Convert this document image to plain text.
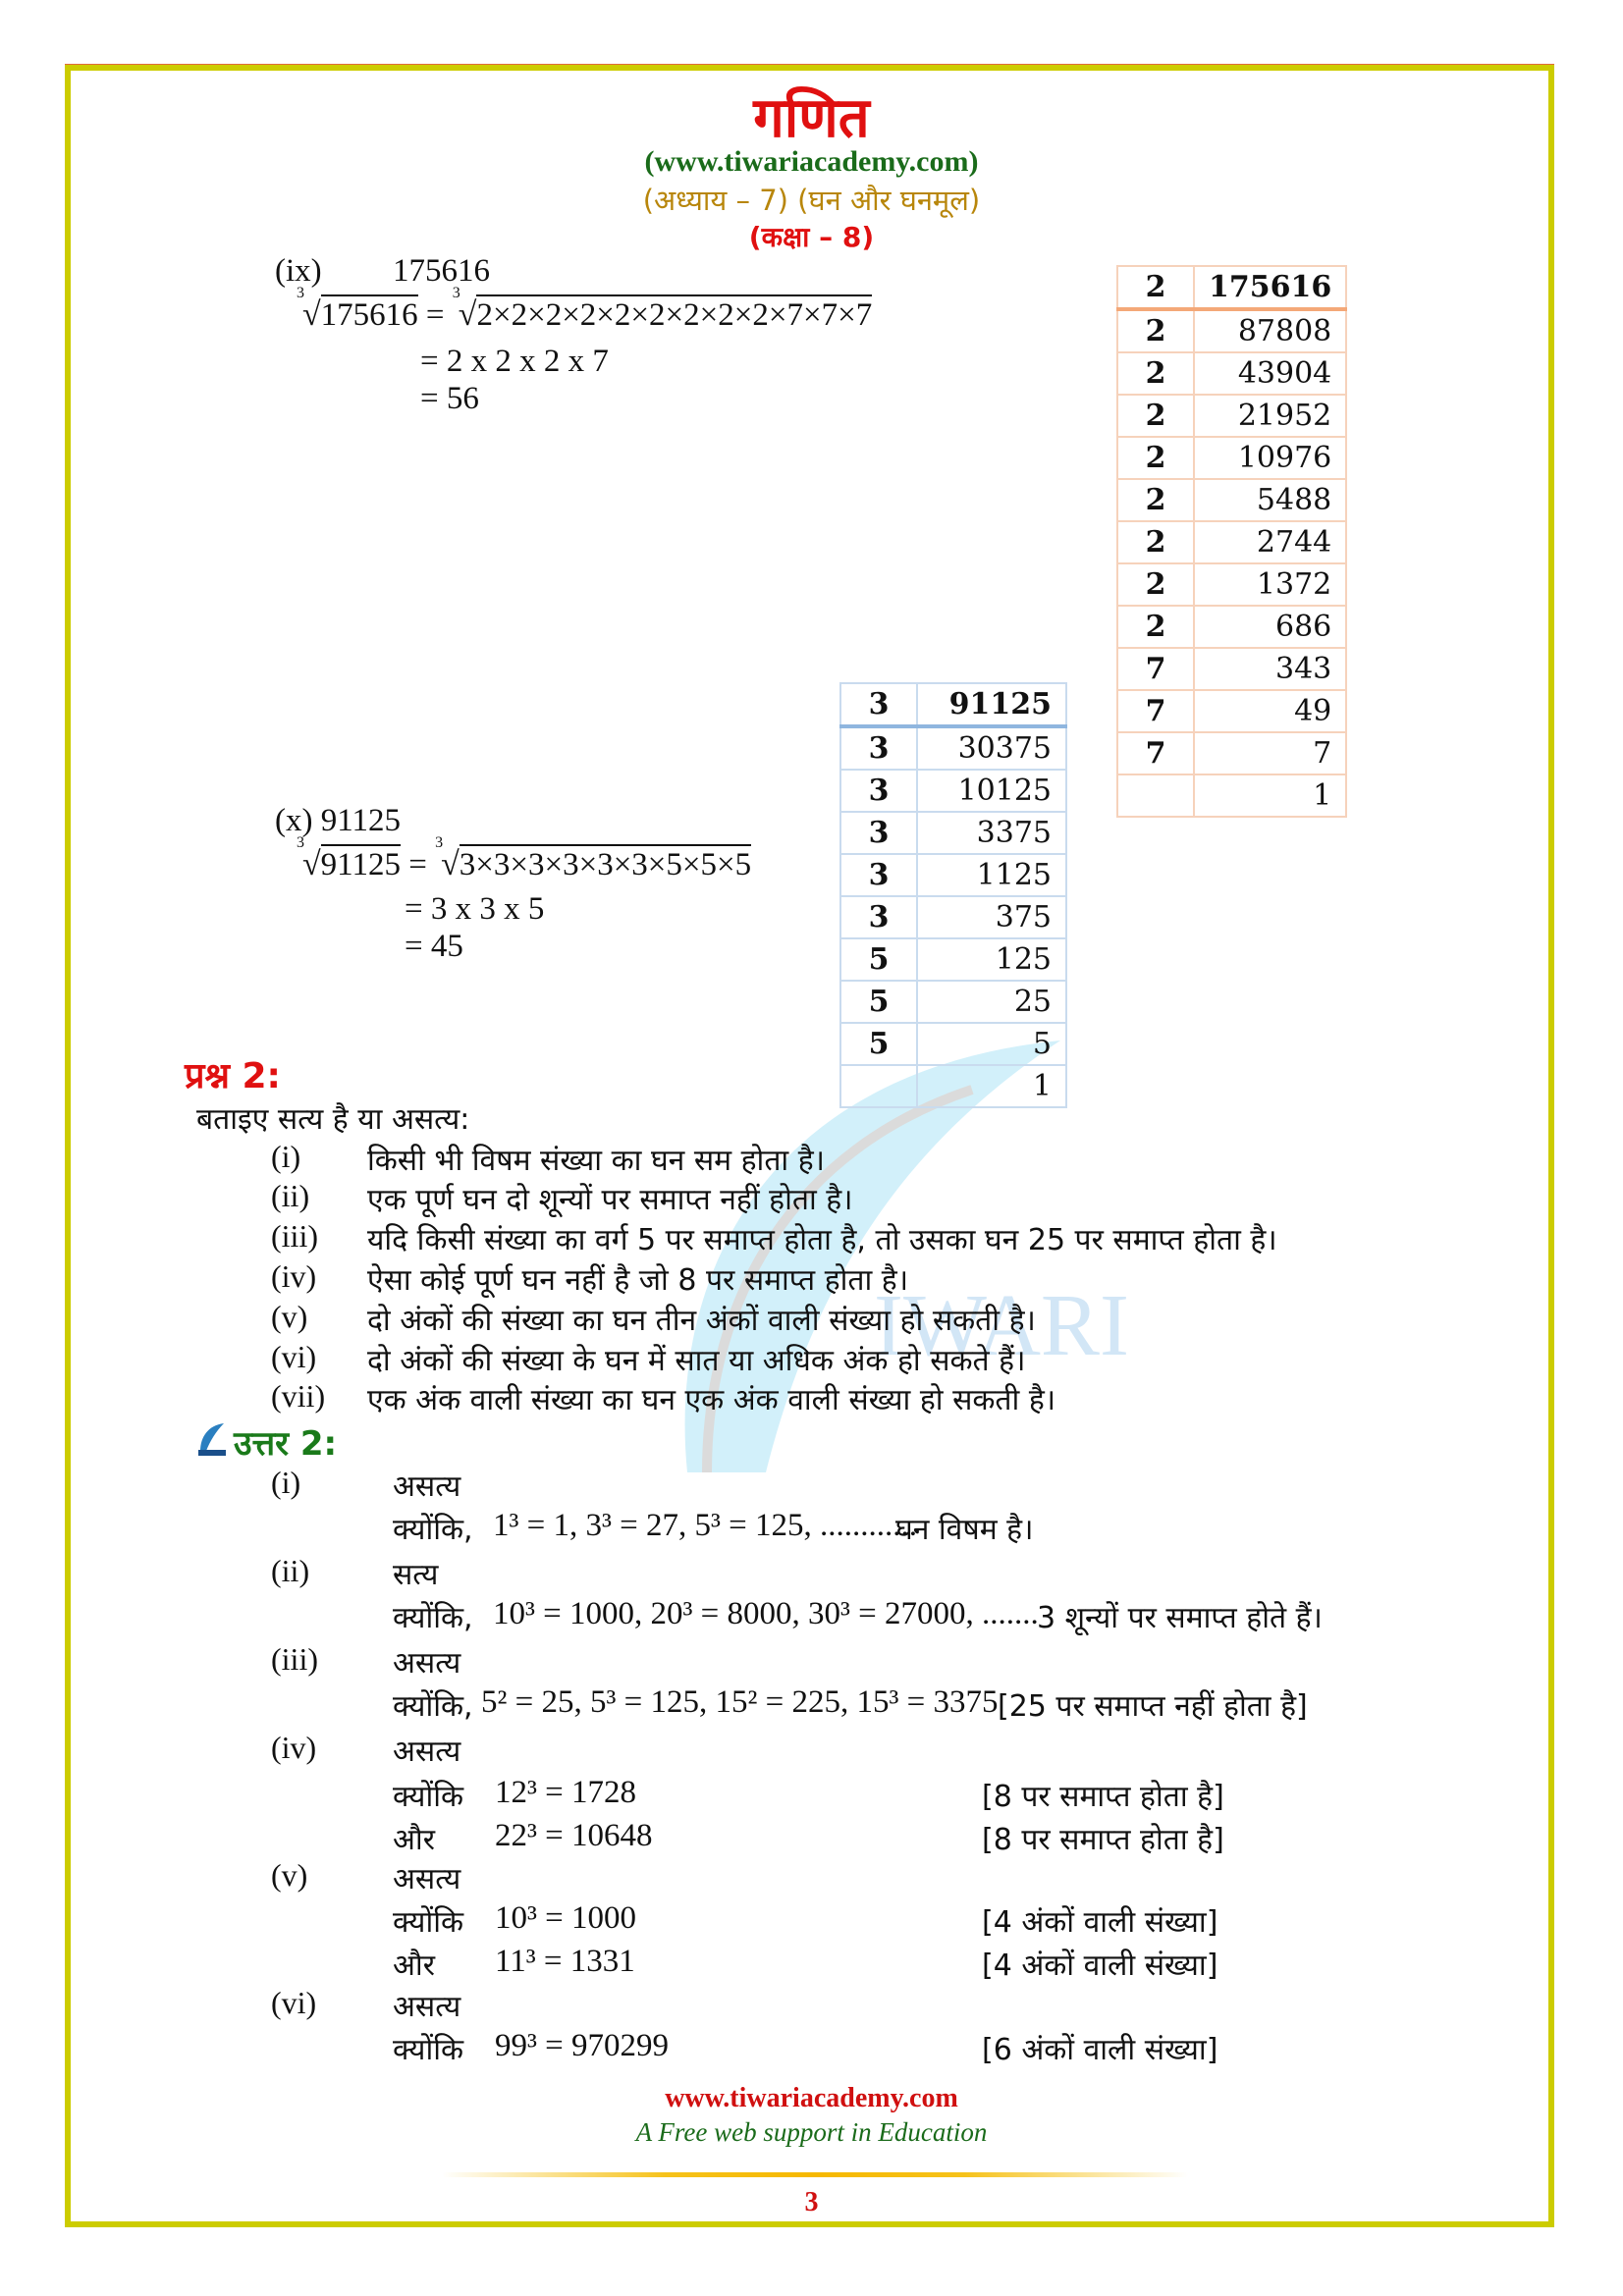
IWARI
गणित
(www.tiwariacademy.com)
(अध्याय – 7) (घन और घनमूल)
(कक्षा – 8)
(ix) 175616
$^3$√175616 = $^3$√2×2×2×2×2×2×2×2×2×7×7×7
= 2 x 2 x 2 x 7
= 56
2	175616
2	87808
2	43904
2	21952
2	10976
2	5488
2	2744
2	1372
2	686
7	343
7	49
7	7
	1
3	91125
3	30375
3	10125
3	3375
3	1125
3	375
5	125
5	25
5	5
	1
(x) 91125
$^3$√91125 = $^3$√3×3×3×3×3×3×5×5×5
= 3 x 3 x 5
= 45
प्रश्न 2:
बताइए सत्य है या असत्य:
(i) किसी भी विषम संख्या का घन सम होता है।
(ii) एक पूर्ण घन दो शून्यों पर समाप्त नहीं होता है।
(iii) यदि किसी संख्या का वर्ग 5 पर समाप्त होता है, तो उसका घन 25 पर समाप्त होता है।
(iv) ऐसा कोई पूर्ण घन नहीं है जो 8 पर समाप्त होता है।
(v) दो अंकों की संख्या का घन तीन अंकों वाली संख्या हो सकती है।
(vi) दो अंकों की संख्या के घन में सात या अधिक अंक हो सकते हैं।
(vii) एक अंक वाली संख्या का घन एक अंक वाली संख्या हो सकती है।
उत्तर 2:
(i)	असत्य
क्योंकि, 1³ = 1, 3³ = 27, 5³ = 125, ............
घन विषम है।
(ii)	सत्य
क्योंकि, 10³ = 1000, 20³ = 8000, 30³ = 27000, .......
3 शून्यों पर समाप्त होते हैं।
(iii)	असत्य
क्योंकि, 5² = 25, 5³ = 125, 15² = 225, 15³ = 3375 [25 पर समाप्त नहीं होता है]
(iv)	असत्य
क्योंकि 12³ = 1728	[8 पर समाप्त होता है]
और 22³ = 10648	[8 पर समाप्त होता है]
(v)	असत्य
क्योंकि 10³ = 1000	[4 अंकों वाली संख्या]
और 11³ = 1331	[4 अंकों वाली संख्या]
(vi)	असत्य
क्योंकि 99³ = 970299	[6 अंकों वाली संख्या]
www.tiwariacademy.com
A Free web support in Education
3
